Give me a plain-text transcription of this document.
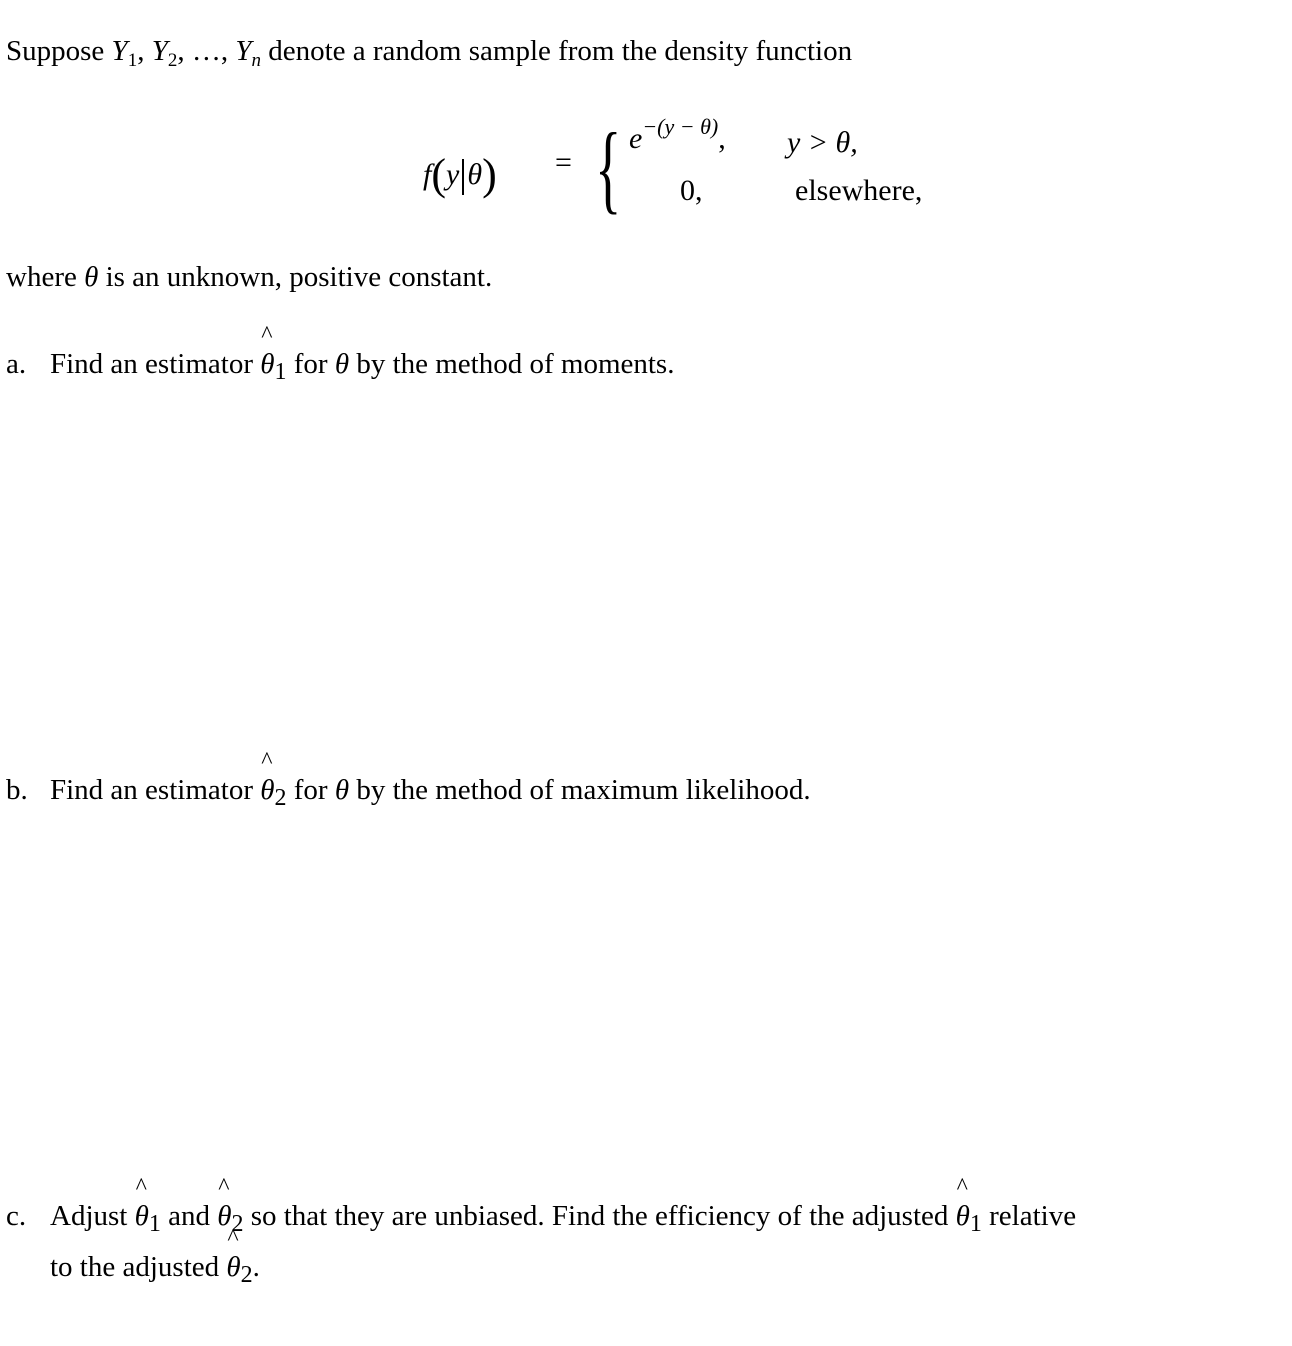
Suppose $Y_1$, $Y_2$, …, $Y_n$ denote a random sample from the density function
f(y θ) = { $e^{-(y - \theta)}$, y > θ,
0,	elsewhere,
where θ is an unknown, positive constant.
a. Find an estimator
^
$\theta_1$ for θ by the method of moments.
b. Find an estimator
^
$\theta_2$ for θ by the method of maximum likelihood.
c. Adjust
^
$\theta_1$ and
^
$\theta_2$ so that they are unbiased. Find the efficiency of the adjusted
^
$\theta_1$ relative
to the adjusted
^
$\theta_2$.
